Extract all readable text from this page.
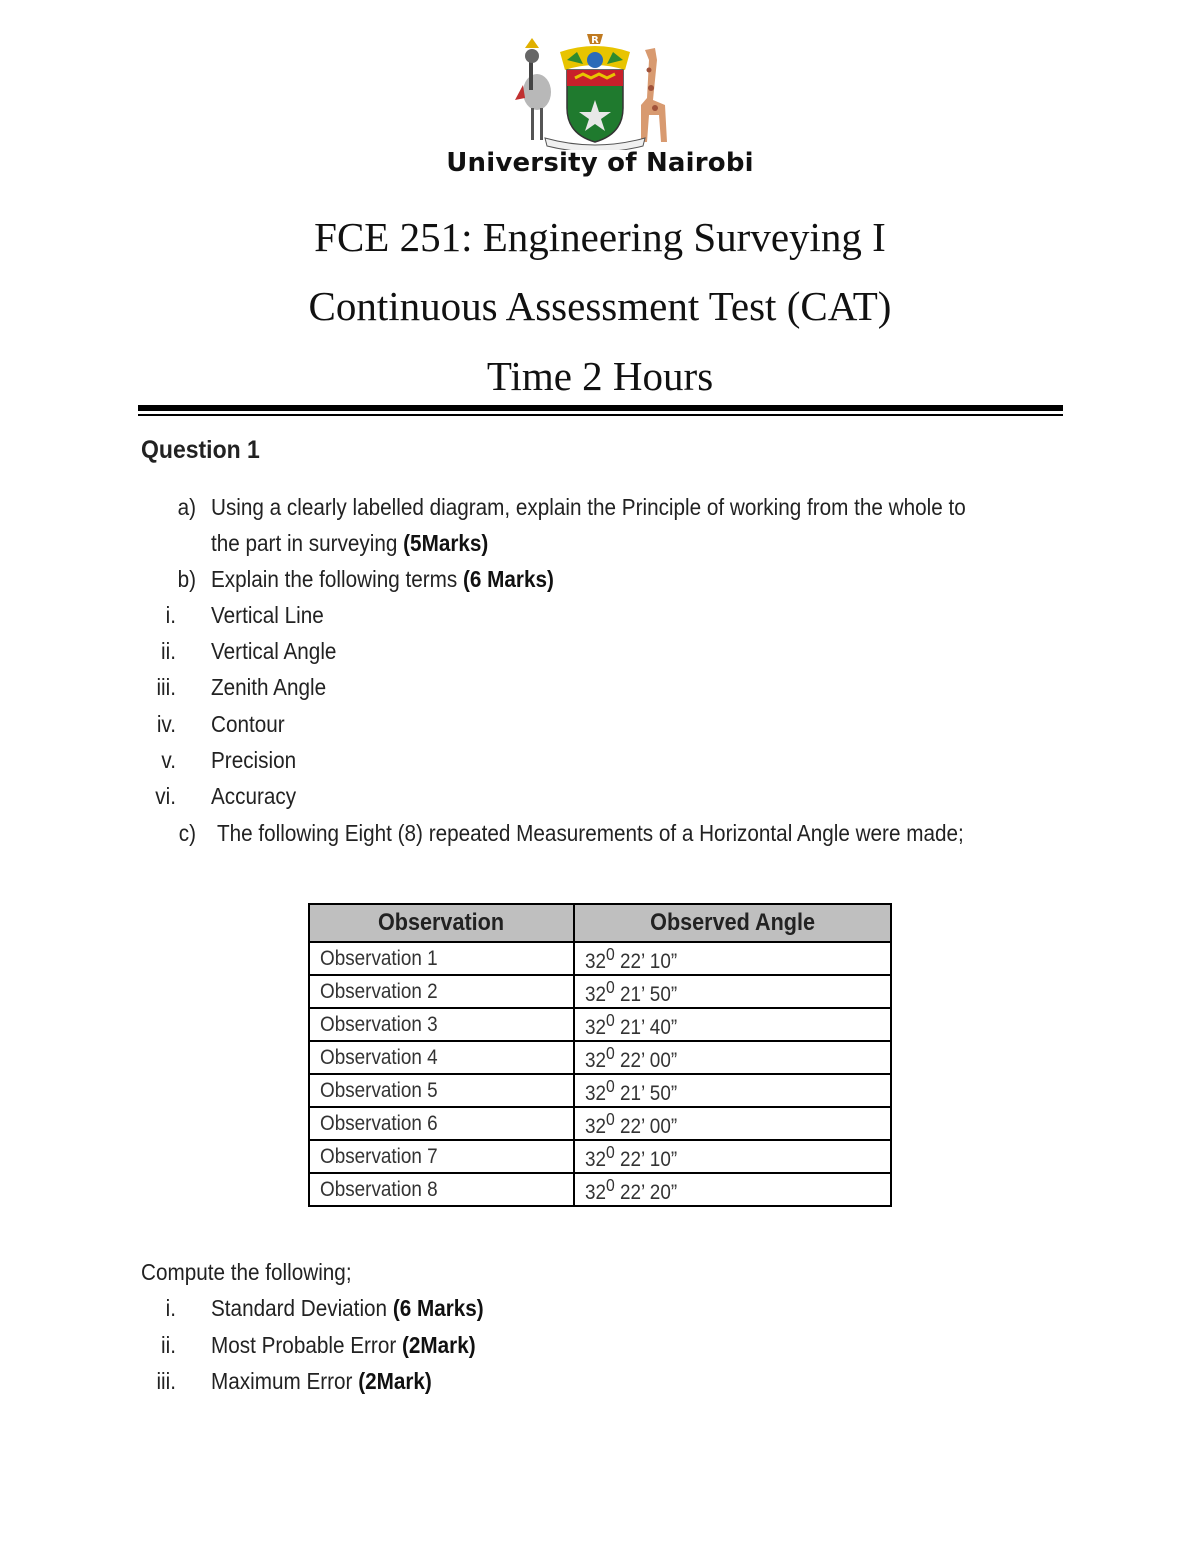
R
University of Nairobi
FCE 251: Engineering Surveying I
Continuous Assessment Test (CAT)
Time 2 Hours
Question 1
a) Using a clearly labelled diagram, explain the Principle of working from the whole to
the part in surveying (5Marks)
b) Explain the following terms (6 Marks)
i. Vertical Line
ii. Vertical Angle
iii. Zenith Angle
iv. Contour
v. Precision
vi. Accuracy
c) The following Eight (8) repeated Measurements of a Horizontal Angle were made;
Observation	Observed Angle
Observation 1	$32^0$ 22’ 10”
Observation 2	$32^0$ 21’ 50”
Observation 3	$32^0$ 21’ 40”
Observation 4	$32^0$ 22’ 00”
Observation 5	$32^0$ 21’ 50”
Observation 6	$32^0$ 22’ 00”
Observation 7	$32^0$ 22’ 10”
Observation 8	$32^0$ 22’ 20”
Compute the following;
i. Standard Deviation (6 Marks)
ii. Most Probable Error (2Mark)
iii. Maximum Error (2Mark)
